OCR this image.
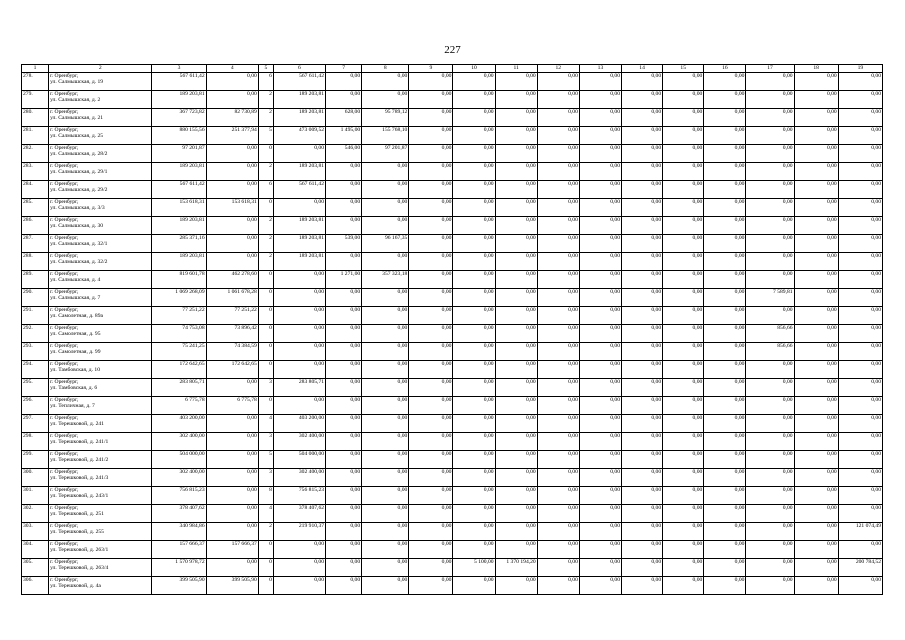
227
1	2	3	4	5	6	7	8	9	10	11	12	13	14	15	16	17	18	19
278.	г. Оренбург,
ул. Салмышская, д. 19	567 611,42	0,00	6	567 611,42	0,00	0,00	0,00	0,00	0,00	0,00	0,00	0,00	0,00	0,00	0,00	0,00	0,00
279.	г. Оренбург,
ул. Салмышская, д. 2	189 203,81	0,00	2	189 203,81	0,00	0,00	0,00	0,00	0,00	0,00	0,00	0,00	0,00	0,00	0,00	0,00	0,00
280.	г. Оренбург,
ул. Салмышская, д. 21	367 723,82	82 730,89	2	189 203,81	628,00	95 789,12	0,00	0,00	0,00	0,00	0,00	0,00	0,00	0,00	0,00	0,00	0,00
281.	г. Оренбург,
ул. Салмышская, д. 25	880 155,56	251 377,94	5	473 009,52	1 495,00	155 768,10	0,00	0,00	0,00	0,00	0,00	0,00	0,00	0,00	0,00	0,00	0,00
282.	г. Оренбург,
ул. Салмышская, д. 28/2	97 201,87	0,00	0	0,00	546,00	97 201,87	0,00	0,00	0,00	0,00	0,00	0,00	0,00	0,00	0,00	0,00	0,00
283.	г. Оренбург,
ул. Салмышская, д. 29/1	189 203,81	0,00	2	189 203,81	0,00	0,00	0,00	0,00	0,00	0,00	0,00	0,00	0,00	0,00	0,00	0,00	0,00
284.	г. Оренбург,
ул. Салмышская, д. 29/2	567 611,42	0,00	6	567 611,42	0,00	0,00	0,00	0,00	0,00	0,00	0,00	0,00	0,00	0,00	0,00	0,00	0,00
285.	г. Оренбург,
ул. Салмышская, д. 3/3	153 618,31	153 618,31	0	0,00	0,00	0,00	0,00	0,00	0,00	0,00	0,00	0,00	0,00	0,00	0,00	0,00	0,00
286.	г. Оренбург,
ул. Салмышская, д. 30	189 203,81	0,00	2	189 203,81	0,00	0,00	0,00	0,00	0,00	0,00	0,00	0,00	0,00	0,00	0,00	0,00	0,00
287.	г. Оренбург,
ул. Салмышская, д. 32/1	285 371,16	0,00	2	189 203,81	539,00	96 167,35	0,00	0,00	0,00	0,00	0,00	0,00	0,00	0,00	0,00	0,00	0,00
288.	г. Оренбург,
ул. Салмышская, д. 32/2	189 203,81	0,00	2	189 203,81	0,00	0,00	0,00	0,00	0,00	0,00	0,00	0,00	0,00	0,00	0,00	0,00	0,00
289.	г. Оренбург,
ул. Салмышская, д. 4	819 601,78	462 278,60	0	0,00	1 271,00	357 323,18	0,00	0,00	0,00	0,00	0,00	0,00	0,00	0,00	0,00	0,00	0,00
290.	г. Оренбург,
ул. Салмышская, д. 7	1 069 268,09	1 061 678,28	0	0,00	0,00	0,00	0,00	0,00	0,00	0,00	0,00	0,00	0,00	0,00	7 589,81	0,00	0,00
291.	г. Оренбург,
ул. Самолетная, д. 89а	77 251,22	77 251,22	0	0,00	0,00	0,00	0,00	0,00	0,00	0,00	0,00	0,00	0,00	0,00	0,00	0,00	0,00
292.	г. Оренбург,
ул. Самолетная, д. 95	74 753,08	73 896,42	0	0,00	0,00	0,00	0,00	0,00	0,00	0,00	0,00	0,00	0,00	0,00	856,66	0,00	0,00
293.	г. Оренбург,
ул. Самолетная, д. 99	75 241,25	74 384,59	0	0,00	0,00	0,00	0,00	0,00	0,00	0,00	0,00	0,00	0,00	0,00	856,66	0,00	0,00
294.	г. Оренбург,
ул. Тамбовская, д. 10	172 642,65	172 642,65	0	0,00	0,00	0,00	0,00	0,00	0,00	0,00	0,00	0,00	0,00	0,00	0,00	0,00	0,00
295.	г. Оренбург,
ул. Тамбовская, д. 6	283 805,71	0,00	3	283 805,71	0,00	0,00	0,00	0,00	0,00	0,00	0,00	0,00	0,00	0,00	0,00	0,00	0,00
296.	г. Оренбург,
ул. Тепличная, д. 7	6 775,78	6 775,78	0	0,00	0,00	0,00	0,00	0,00	0,00	0,00	0,00	0,00	0,00	0,00	0,00	0,00	0,00
297.	г. Оренбург,
ул. Терешковой, д. 241	403 200,00	0,00	4	403 200,00	0,00	0,00	0,00	0,00	0,00	0,00	0,00	0,00	0,00	0,00	0,00	0,00	0,00
298.	г. Оренбург,
ул. Терешковой, д. 241/1	302 400,00	0,00	3	302 400,00	0,00	0,00	0,00	0,00	0,00	0,00	0,00	0,00	0,00	0,00	0,00	0,00	0,00
299.	г. Оренбург,
ул. Терешковой, д. 241/2	504 000,00	0,00	5	504 000,00	0,00	0,00	0,00	0,00	0,00	0,00	0,00	0,00	0,00	0,00	0,00	0,00	0,00
300.	г. Оренбург,
ул. Терешковой, д. 241/3	302 400,00	0,00	3	302 400,00	0,00	0,00	0,00	0,00	0,00	0,00	0,00	0,00	0,00	0,00	0,00	0,00	0,00
301.	г. Оренбург,
ул. Терешковой, д. 243/1	756 815,23	0,00	8	756 815,23	0,00	0,00	0,00	0,00	0,00	0,00	0,00	0,00	0,00	0,00	0,00	0,00	0,00
302.	г. Оренбург,
ул. Терешковой, д. 251	378 407,62	0,00	4	378 407,62	0,00	0,00	0,00	0,00	0,00	0,00	0,00	0,00	0,00	0,00	0,00	0,00	0,00
303.	г. Оренбург,
ул. Терешковой, д. 255	340 984,86	0,00	2	219 910,37	0,00	0,00	0,00	0,00	0,00	0,00	0,00	0,00	0,00	0,00	0,00	0,00	121 074,49
304.	г. Оренбург,
ул. Терешковой, д. 263/1	157 666,37	157 666,37	0	0,00	0,00	0,00	0,00	0,00	0,00	0,00	0,00	0,00	0,00	0,00	0,00	0,00	0,00
305.	г. Оренбург,
ул. Терешковой, д. 263/4	1 570 978,72	0,00	0	0,00	0,00	0,00	0,00	5 100,00	1 370 194,20	0,00	0,00	0,00	0,00	0,00	0,00	0,00	200 784,52
306.	г. Оренбург,
ул. Терешковой, д. 4а	399 505,90	399 505,90	0	0,00	0,00	0,00	0,00	0,00	0,00	0,00	0,00	0,00	0,00	0,00	0,00	0,00	0,00
